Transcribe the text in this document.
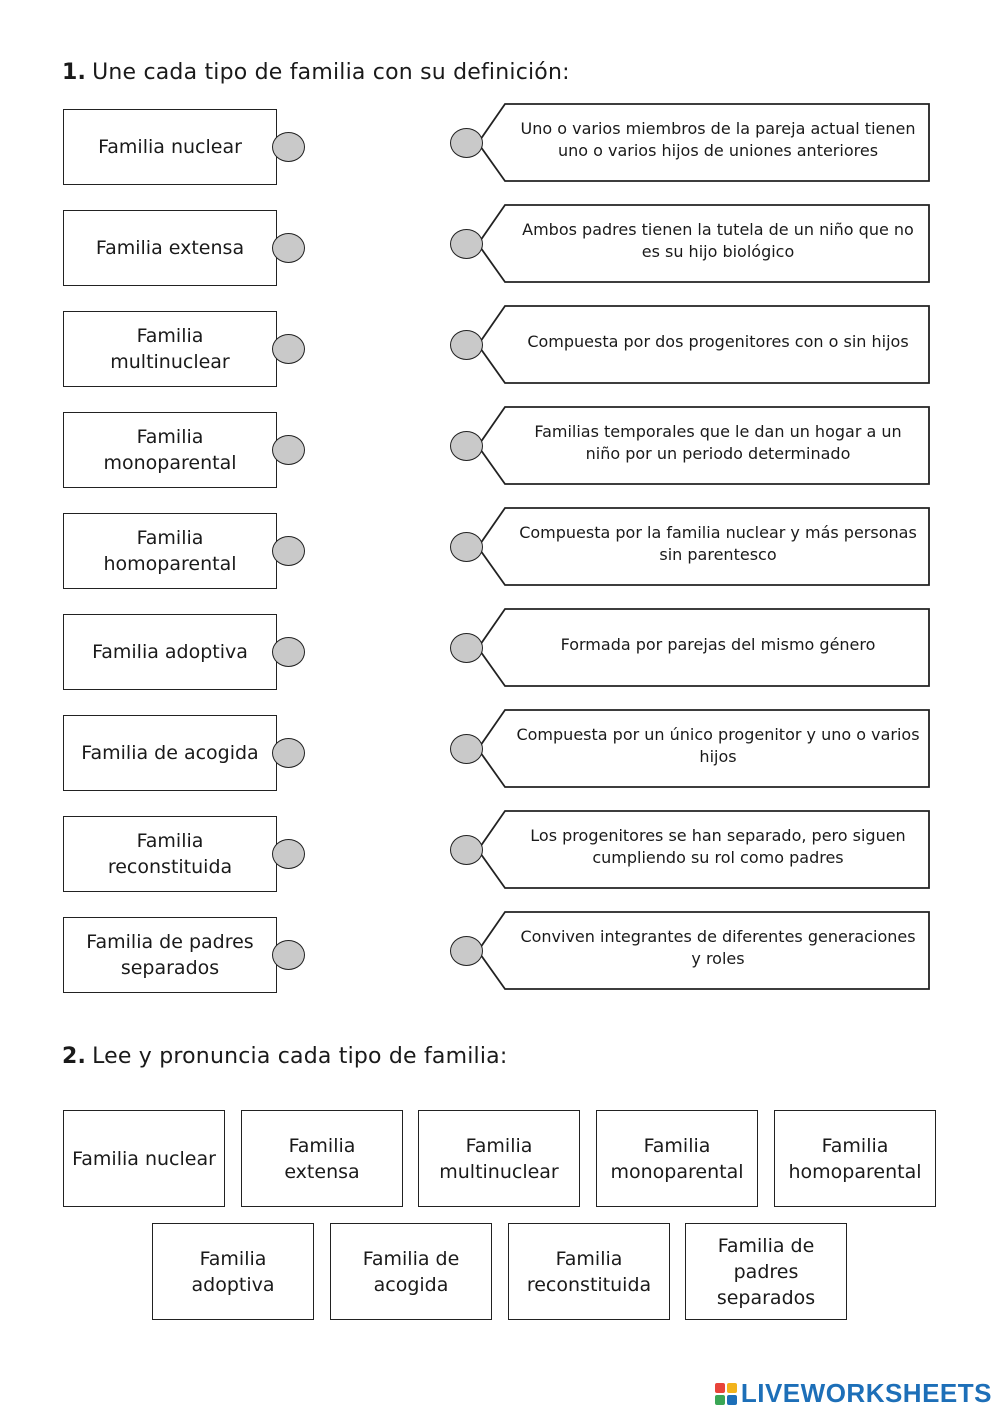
1. Une cada tipo de familia con su definición:
Familia nuclear
Uno o varios miembros de la pareja actual tienen uno o varios hijos de uniones anteriores
Familia extensa
Ambos padres tienen la tutela de un niño que no es su hijo biológico
Familia multinuclear
Compuesta por dos progenitores con o sin hijos
Familia monoparental
Familias temporales que le dan un hogar a un niño por un periodo determinado
Familia homoparental
Compuesta por la familia nuclear y más personas sin parentesco
Familia adoptiva	Formada por parejas del mismo género
Familia de acogida
Compuesta por un único progenitor y uno o varios hijos
Familia reconstituida
Los progenitores se han separado, pero siguen cumpliendo su rol como padres
Familia de padres separados
Conviven integrantes de diferentes generaciones y roles
2. Lee y pronuncia cada tipo de familia:
Familia nuclear
Familia extensa
Familia multinuclear
Familia monoparental
Familia homoparental
Familia adoptiva
Familia de acogida
Familia reconstituida
Familia de padres separados
LIVEWORKSHEETS
